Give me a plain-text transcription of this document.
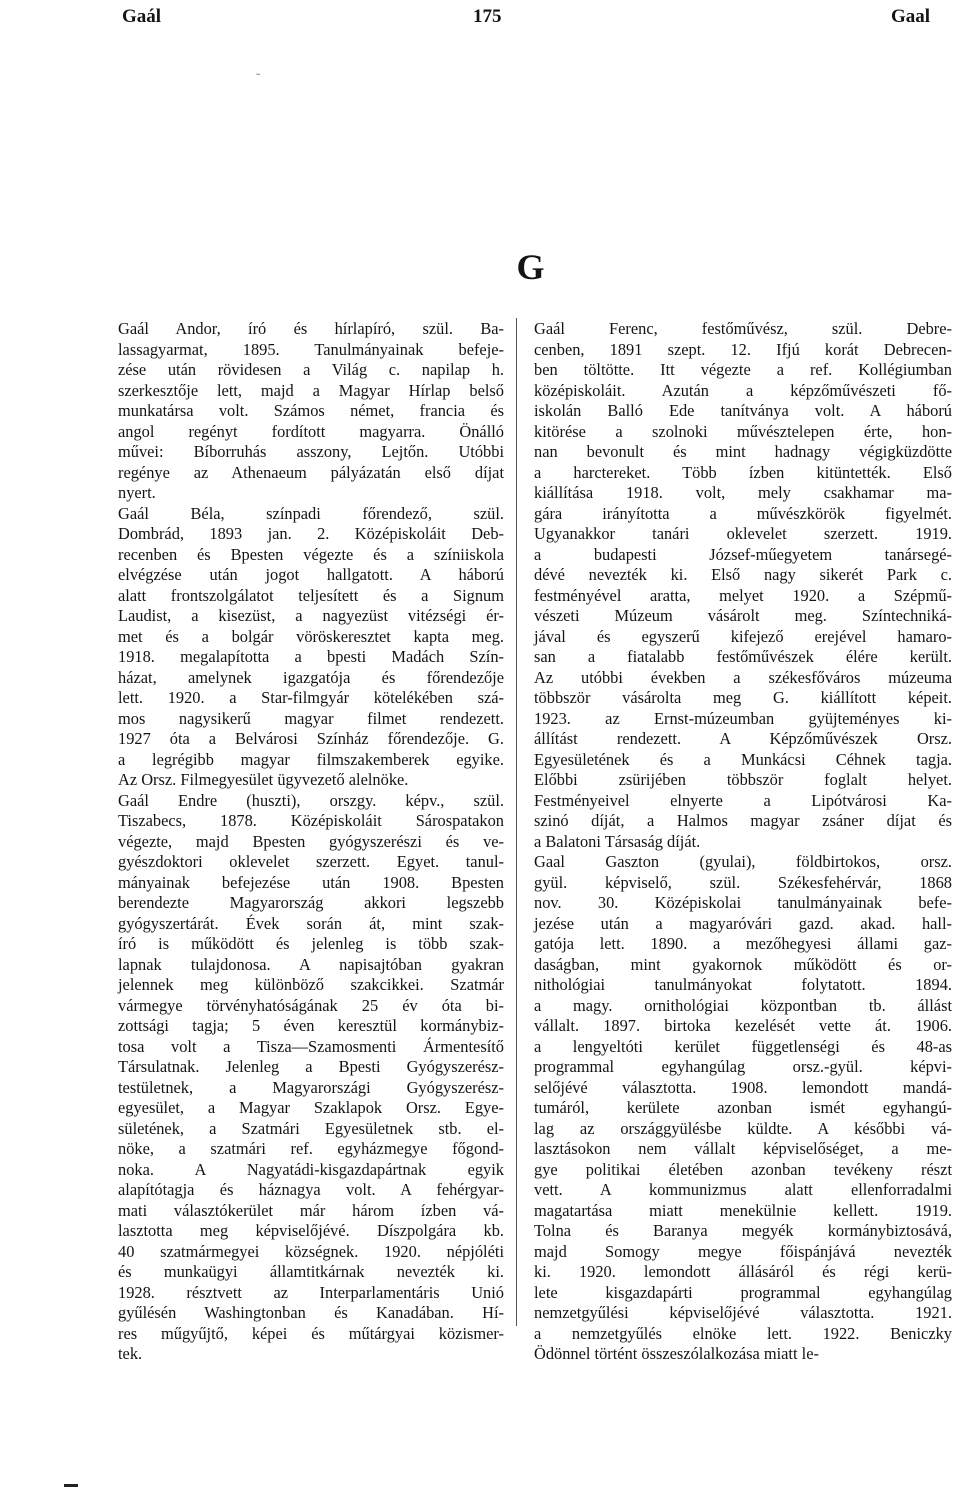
Gaál	175	Gaal
˜
G
Gaál Andor, író és hírlapíró, szül. Ba-
lassagyarmat, 1895. Tanulmányainak befeje-
zése után rövidesen a Világ c. napilap h.
szerkesztője lett, majd a Magyar Hírlap belső
munkatársa volt. Számos német, francia és
angol regényt fordított magyarra. Önálló
művei: Bíborruhás asszony, Lejtőn. Utóbbi
regénye az Athenaeum pályázatán első díjat
nyert.
Gaál Béla, színpadi főrendező, szül.
Dombrád, 1893 jan. 2. Középiskoláit Deb-
recenben és Bpesten végezte és a színiiskola
elvégzése után jogot hallgatott. A háború
alatt frontszolgálatot teljesített és a Signum
Laudist, a kisezüst, a nagyezüst vitézségi ér-
met és a bolgár vöröskeresztet kapta meg.
1918. megalapította a bpesti Madách Szín-
házat, amelynek igazgatója és főrendezője
lett. 1920. a Star-filmgyár kötelékében szá-
mos nagysikerű magyar filmet rendezett.
1927 óta a Belvárosi Színház főrendezője. G.
a legrégibb magyar filmszakemberek egyike.
Az Orsz. Filmegyesület ügyvezető alelnöke.
Gaál Endre (huszti), orszgy. képv., szül.
Tiszabecs, 1878. Középiskoláit Sárospatakon
végezte, majd Bpesten gyógyszerészi és ve-
gyészdoktori oklevelet szerzett. Egyet. tanul-
mányainak befejezése után 1908. Bpesten
berendezte Magyarország akkori legszebb
gyógyszertárát. Évek során át, mint szak-
író is működött és jelenleg is több szak-
lapnak tulajdonosa. A napisajtóban gyakran
jelennek meg különböző szakcikkei. Szatmár
vármegye törvényhatóságának 25 év óta bi-
zottsági tagja; 5 éven keresztül kormánybiz-
tosa volt a Tisza—Szamosmenti Ármentesítő
Társulatnak. Jelenleg a Bpesti Gyógyszerész-
testületnek, a Magyarországi Gyógyszerész-
egyesület, a Magyar Szaklapok Orsz. Egye-
sületének, a Szatmári Egyesületnek stb. el-
nöke, a szatmári ref. egyházmegye főgond-
noka. A Nagyatádi-kisgazdapártnak egyik
alapítótagja és háznagya volt. A fehérgyar-
mati választókerület már három ízben vá-
lasztotta meg képviselőjévé. Díszpolgára kb.
40 szatmármegyei községnek. 1920. népjóléti
és munkaügyi államtitkárnak nevezték ki.
1928. résztvett az Interparlamentáris Unió
gyűlésén Washingtonban és Kanadában. Hí-
res műgyűjtő, képei és műtárgyai közismer-
tek.
Gaál Ferenc, festőművész, szül. Debre-
cenben, 1891 szept. 12. Ifjú korát Debrecen-
ben töltötte. Itt végezte a ref. Kollégiumban
középiskoláit. Azután a képzőművészeti fő-
iskolán Balló Ede tanítványa volt. A háború
kitörése a szolnoki művésztelepen érte, hon-
nan bevonult és mint hadnagy végigküzdötte
a harctereket. Több ízben kitüntették. Első
kiállítása 1918. volt, mely csakhamar ma-
gára irányította a művészkörök figyelmét.
Ugyanakkor tanári oklevelet szerzett. 1919.
a budapesti József-műegyetem tanársegé-
dévé nevezték ki. Első nagy sikerét Park c.
festményével aratta, melyet 1920. a Szépmű-
vészeti Múzeum vásárolt meg. Színtechniká-
jával és egyszerű kifejező erejével hamaro-
san a fiatalabb festőművészek élére került.
Az utóbbi években a székesfőváros múzeuma
többször vásárolta meg G. kiállított képeit.
1923. az Ernst-múzeumban gyüjteményes ki-
állítást rendezett. A Képzőművészek Orsz.
Egyesületének és a Munkácsi Céhnek tagja.
Előbbi zsürijében többször foglalt helyet.
Festményeivel elnyerte a Lipótvárosi Ka-
szinó díját, a Halmos magyar zsáner díjat és
a Balatoni Társaság díját.
Gaal Gaszton (gyulai), földbirtokos, orsz.
gyül. képviselő, szül. Székesfehérvár, 1868
nov. 30. Középiskolai tanulmányainak befe-
jezése után a magyaróvári gazd. akad. hall-
gatója lett. 1890. a mezőhegyesi állami gaz-
daságban, mint gyakornok működött és or-
nithológiai tanulmányokat folytatott. 1894.
a magy. ornithológiai központban tb. állást
vállalt. 1897. birtoka kezelését vette át. 1906.
a lengyeltóti kerület függetlenségi és 48-as
programmal egyhangúlag orsz.-gyül. képvi-
selőjévé választotta. 1908. lemondott mandá-
tumáról, kerülete azonban ismét egyhangú-
lag az országgyülésbe küldte. A későbbi vá-
lasztásokon nem vállalt képviselőséget, a me-
gye politikai életében azonban tevékeny részt
vett. A kommunizmus alatt ellenforradalmi
magatartása miatt menekülnie kellett. 1919.
Tolna és Baranya megyék kormánybiztosává,
majd Somogy megye főispánjává nevezték
ki. 1920. lemondott állásáról és régi kerü-
lete kisgazdapárti programmal egyhangúlag
nemzetgyűlési képviselőjévé választotta. 1921.
a nemzetgyűlés elnöke lett. 1922. Beniczky
Ödönnel történt összeszólalkozása miatt le-
